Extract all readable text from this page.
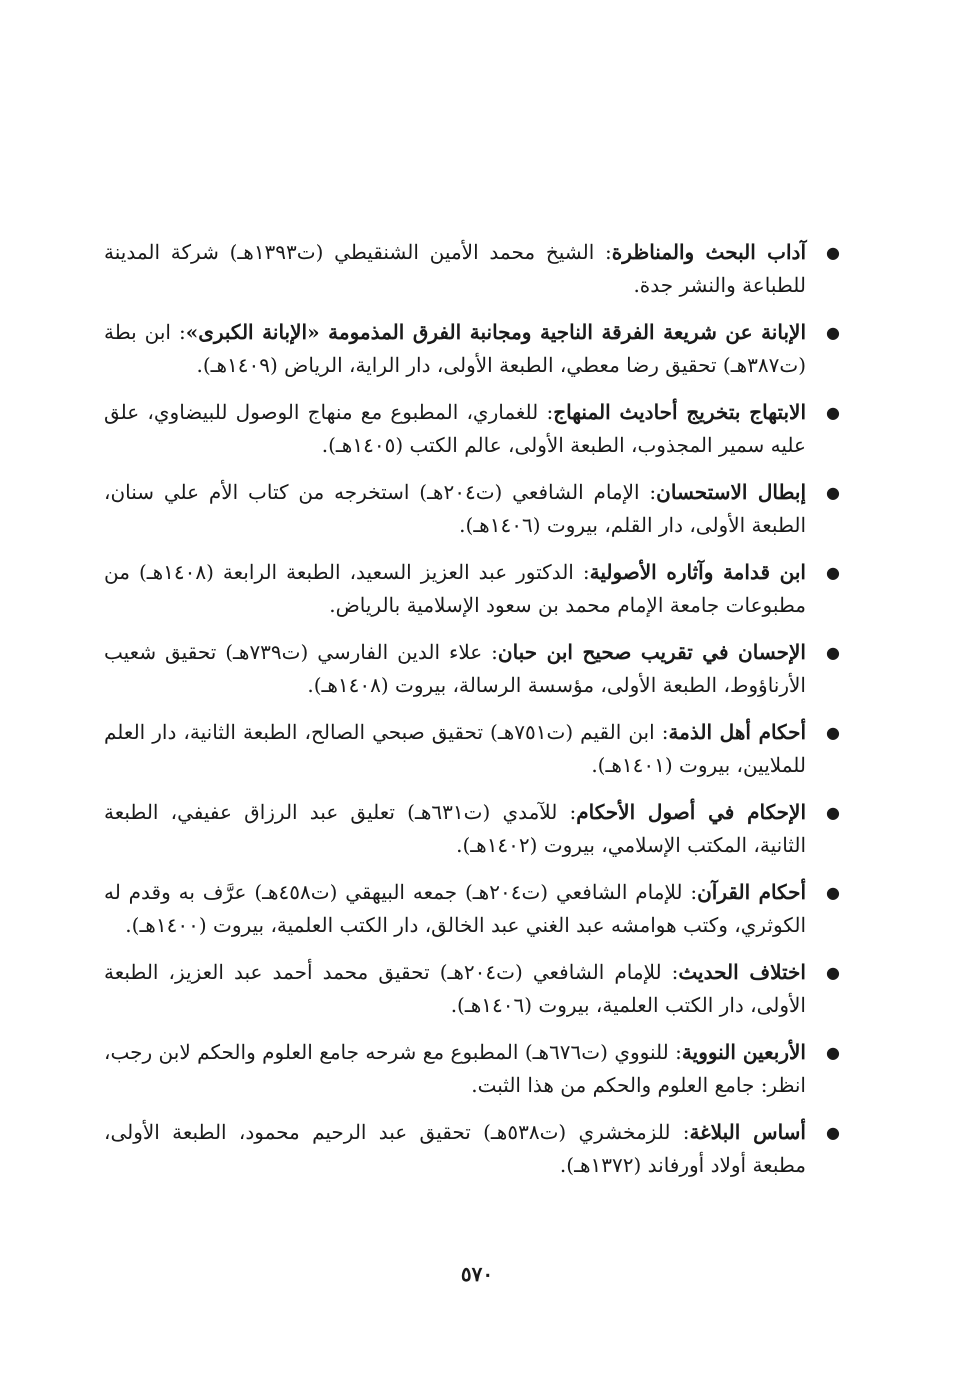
●
آداب البحث والمناظرة: الشيخ محمد الأمين الشنقيطي (ت١٣٩٣هـ) شركة المدينة للطباعة والنشر جدة.
●
الإبانة عن شريعة الفرقة الناجية ومجانبة الفرق المذمومة «الإبانة الكبرى»: ابن بطة (ت٣٨٧هـ) تحقيق رضا معطي، الطبعة الأولى، دار الراية، الرياض (١٤٠٩هـ).
●
الابتهاج بتخريج أحاديث المنهاج: للغماري، المطبوع مع منهاج الوصول للبيضاوي، علق عليه سمير المجذوب، الطبعة الأولى، عالم الكتب (١٤٠٥هـ).
●
إبطال الاستحسان: الإمام الشافعي (ت٢٠٤هـ) استخرجه من كتاب الأم علي سنان، الطبعة الأولى، دار القلم، بيروت (١٤٠٦هـ).
●
ابن قدامة وآثاره الأصولية: الدكتور عبد العزيز السعيد، الطبعة الرابعة (١٤٠٨هـ) من مطبوعات جامعة الإمام محمد بن سعود الإسلامية بالرياض.
●
الإحسان في تقريب صحيح ابن حبان: علاء الدين الفارسي (ت٧٣٩هـ) تحقيق شعيب الأرناؤوط، الطبعة الأولى، مؤسسة الرسالة، بيروت (١٤٠٨هـ).
●
أحكام أهل الذمة: ابن القيم (ت٧٥١هـ) تحقيق صبحي الصالح، الطبعة الثانية، دار العلم للملايين، بيروت (١٤٠١هـ).
●
الإحكام في أصول الأحكام: للآمدي (ت٦٣١هـ) تعليق عبد الرزاق عفيفي، الطبعة الثانية، المكتب الإسلامي، بيروت (١٤٠٢هـ).
●
أحكام القرآن: للإمام الشافعي (ت٢٠٤هـ) جمعه البيهقي (ت٤٥٨هـ) عرَّف به وقدم له الكوثري، وكتب هوامشه عبد الغني عبد الخالق، دار الكتب العلمية، بيروت (١٤٠٠هـ).
●
اختلاف الحديث: للإمام الشافعي (ت٢٠٤هـ) تحقيق محمد أحمد عبد العزيز، الطبعة الأولى، دار الكتب العلمية، بيروت (١٤٠٦هـ).
●
الأربعين النووية: للنووي (ت٦٧٦هـ) المطبوع مع شرحه جامع العلوم والحكم لابن رجب، انظر: جامع العلوم والحكم من هذا الثبت.
●
أساس البلاغة: للزمخشري (ت٥٣٨هـ) تحقيق عبد الرحيم محمود، الطبعة الأولى، مطبعة أولاد أورفاند (١٣٧٢هـ).
٥٧٠
